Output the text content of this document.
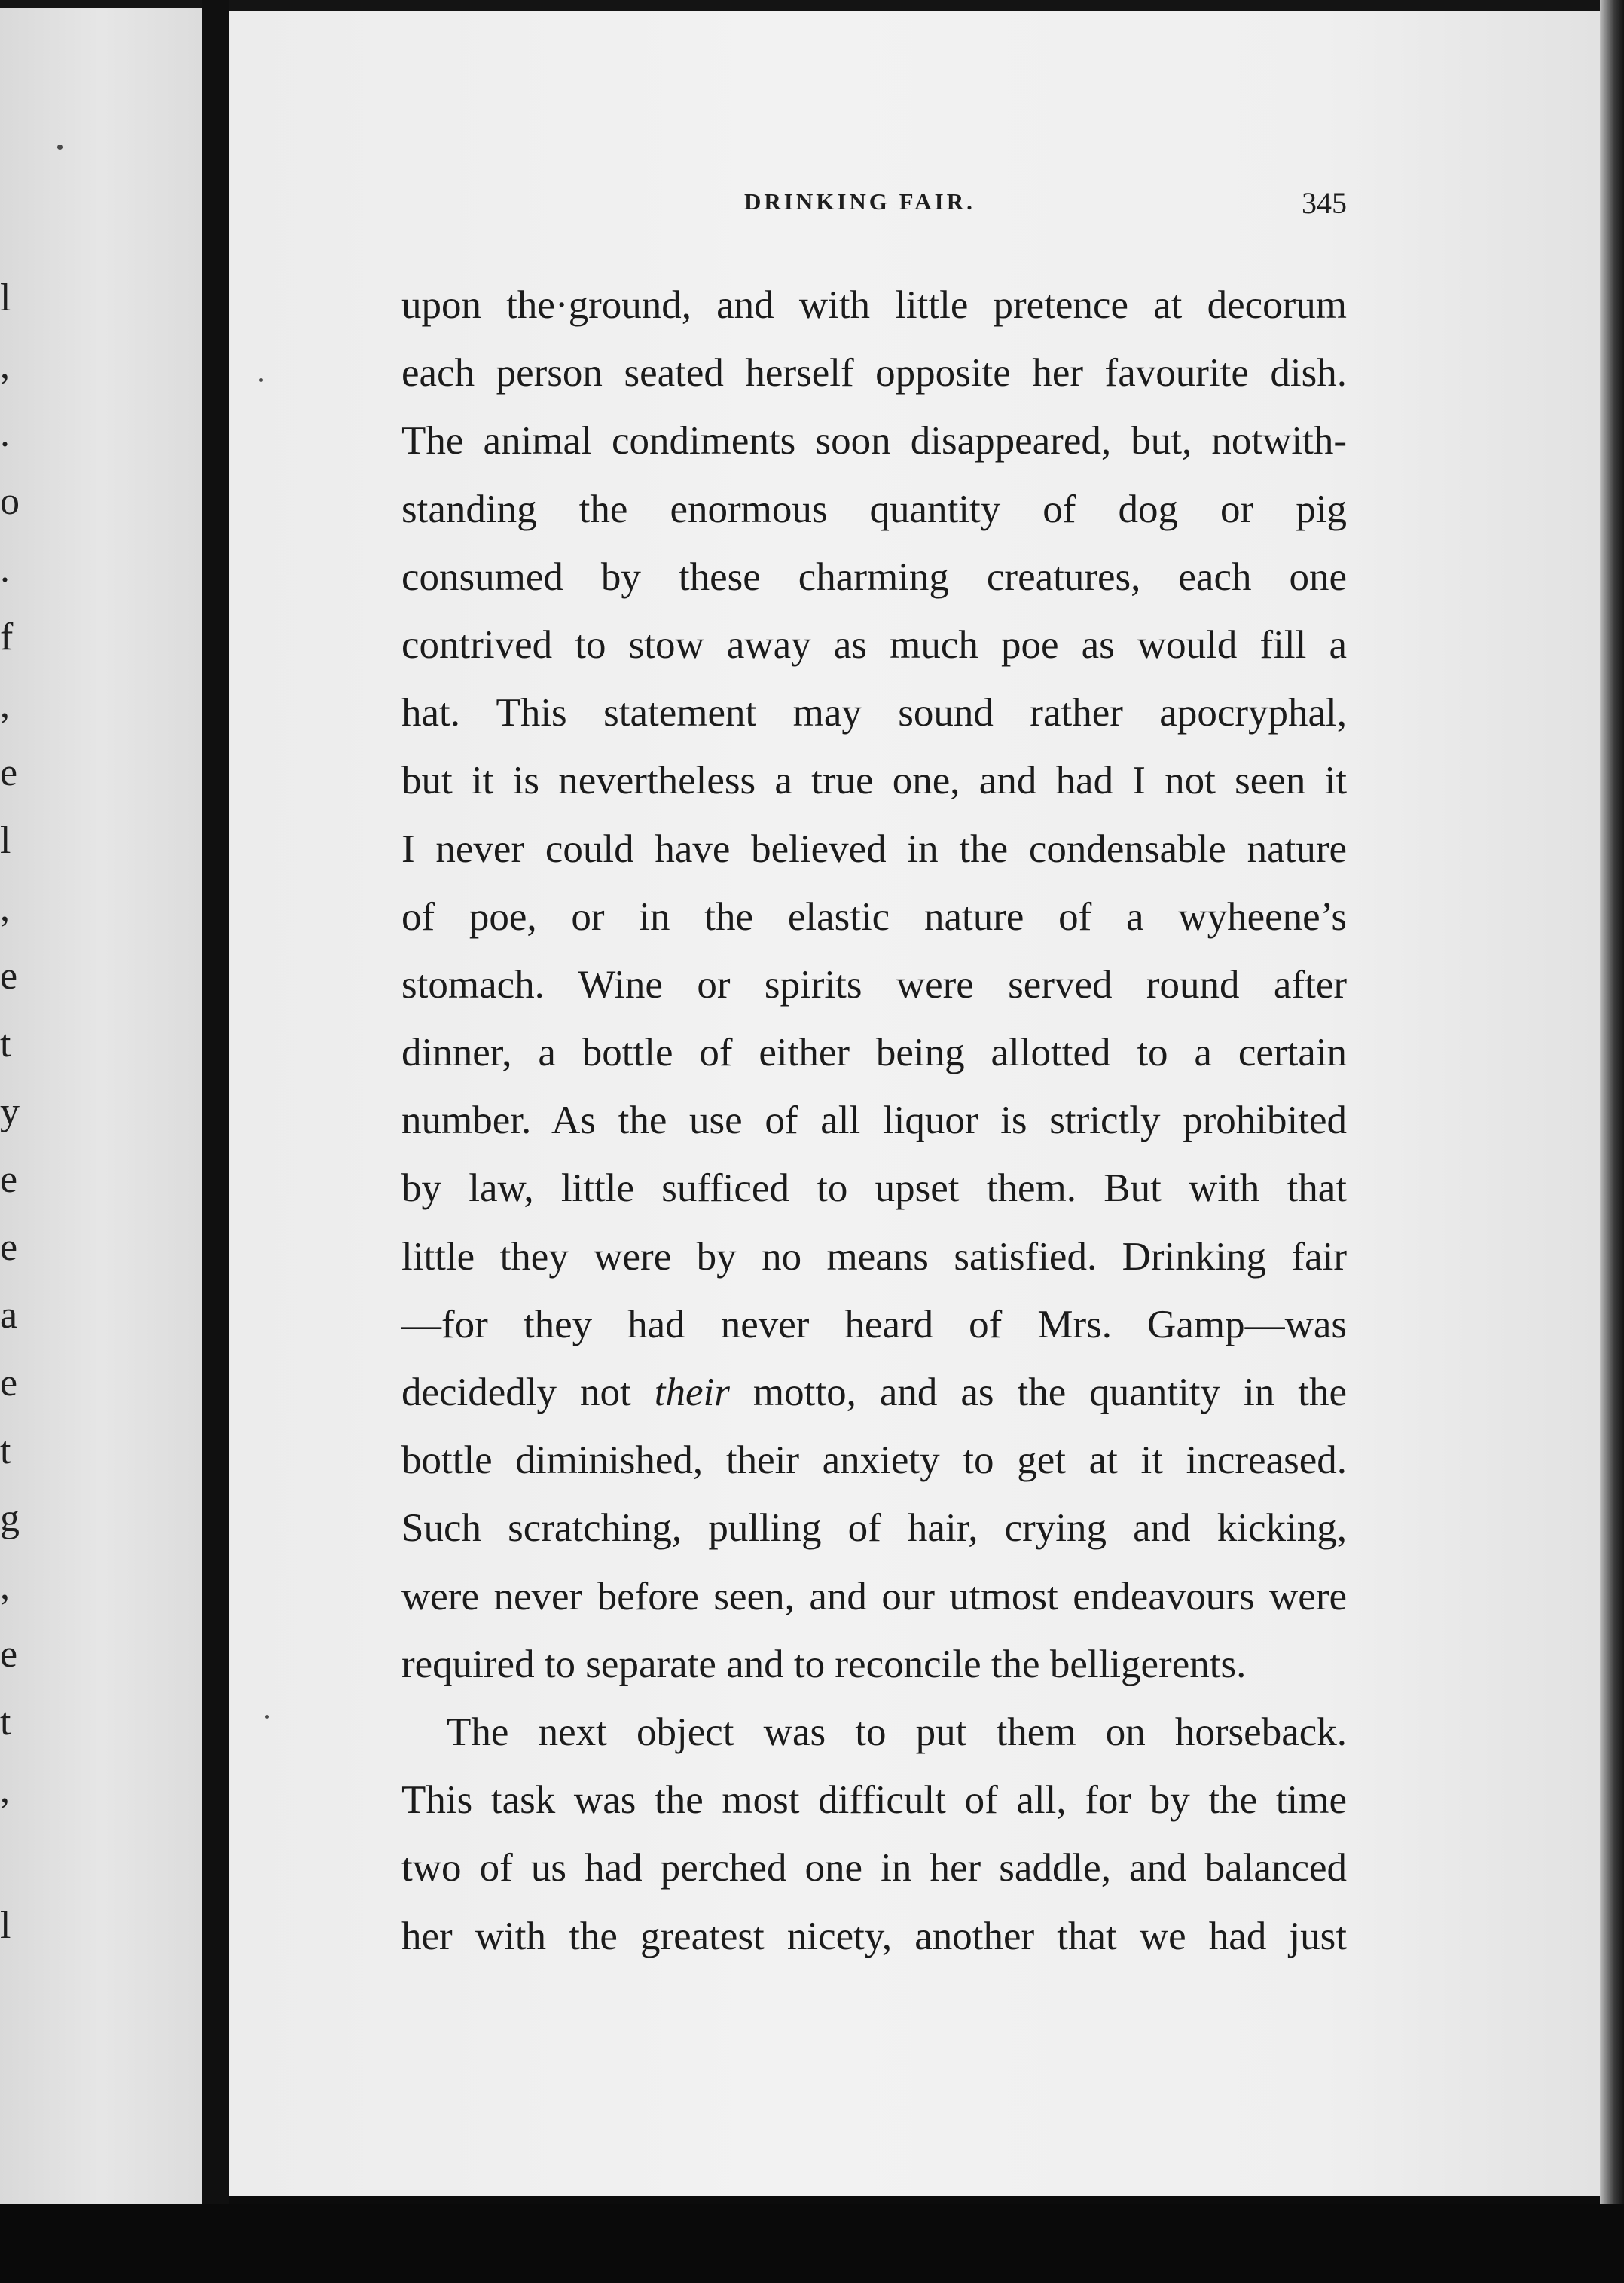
l
,
.
o
.
f
,
e
l
,
e
t
y
e
e
a
e
t
g
,
e
t
,
l
DRINKING FAIR.	345
upon the·ground, and with little pretence at decorum
each person seated herself opposite her favourite dish.
The animal condiments soon disappeared, but, notwith-
standing the enormous quantity of dog or pig
consumed by these charming creatures, each one
contrived to stow away as much poe as would fill a
hat. This statement may sound rather apocryphal,
but it is nevertheless a true one, and had I not seen it
I never could have believed in the condensable nature
of poe, or in the elastic nature of a wyheene’s
stomach. Wine or spirits were served round after
dinner, a bottle of either being allotted to a certain
number. As the use of all liquor is strictly prohibited
by law, little sufficed to upset them. But with that
little they were by no means satisfied. Drinking fair
—for they had never heard of Mrs. Gamp—was
decidedly not their motto, and as the quantity in the
bottle diminished, their anxiety to get at it increased.
Such scratching, pulling of hair, crying and kicking,
were never before seen, and our utmost endeavours were
required to separate and to reconcile the belligerents.
The next object was to put them on horseback.
This task was the most difficult of all, for by the time
two of us had perched one in her saddle, and balanced
her with the greatest nicety, another that we had just
